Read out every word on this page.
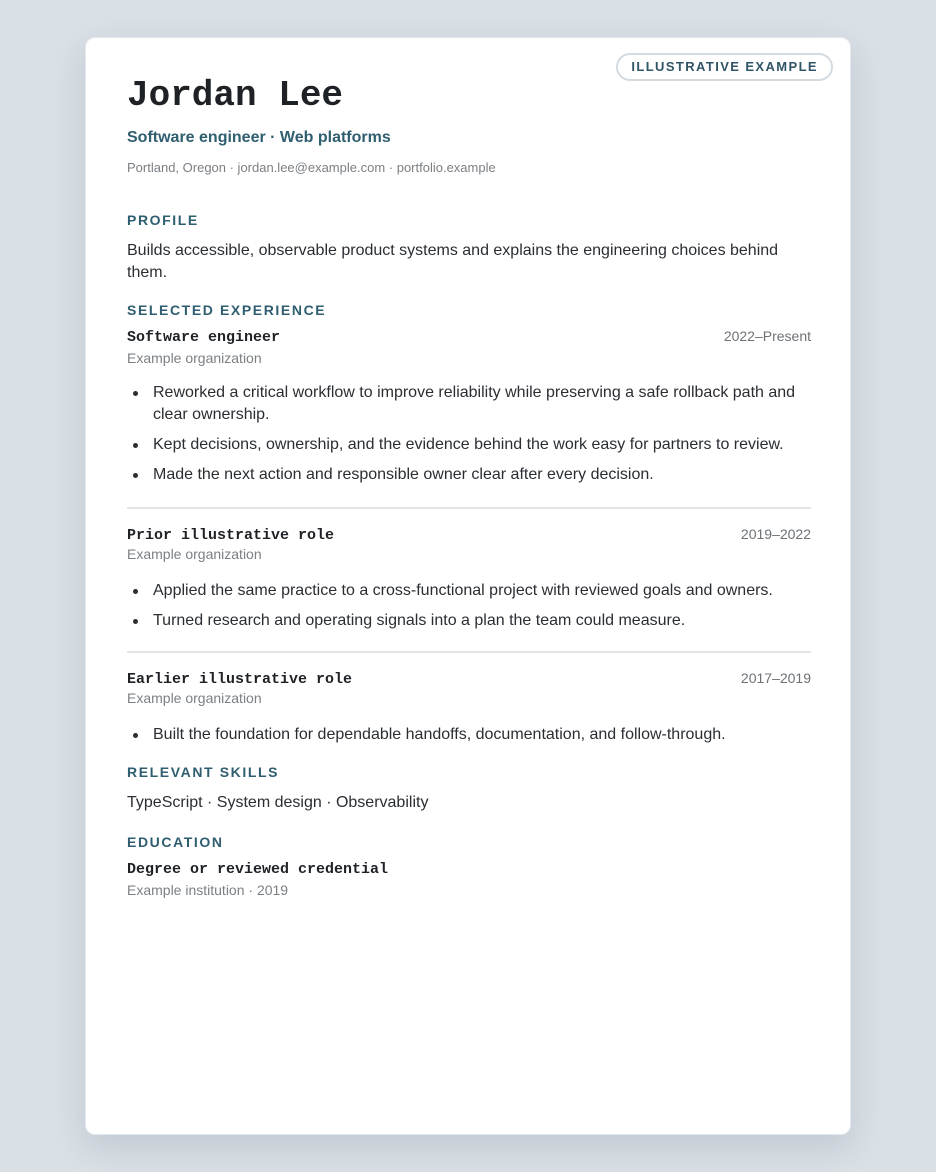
ILLUSTRATIVE EXAMPLE
Jordan Lee
Software engineer · Web platforms
Portland, Oregon · jordan.lee@example.com · portfolio.example
PROFILE
Builds accessible, observable product systems and explains the engineering choices behind them.
SELECTED EXPERIENCE
Software engineer	2022–Present
Example organization
Reworked a critical workflow to improve reliability while preserving a safe rollback path and clear ownership.
Kept decisions, ownership, and the evidence behind the work easy for partners to review.
Made the next action and responsible owner clear after every decision.
Prior illustrative role	2019–2022
Example organization
Applied the same practice to a cross-functional project with reviewed goals and owners.
Turned research and operating signals into a plan the team could measure.
Earlier illustrative role	2017–2019
Example organization
Built the foundation for dependable handoffs, documentation, and follow-through.
RELEVANT SKILLS
TypeScript · System design · Observability
EDUCATION
Degree or reviewed credential
Example institution · 2019
